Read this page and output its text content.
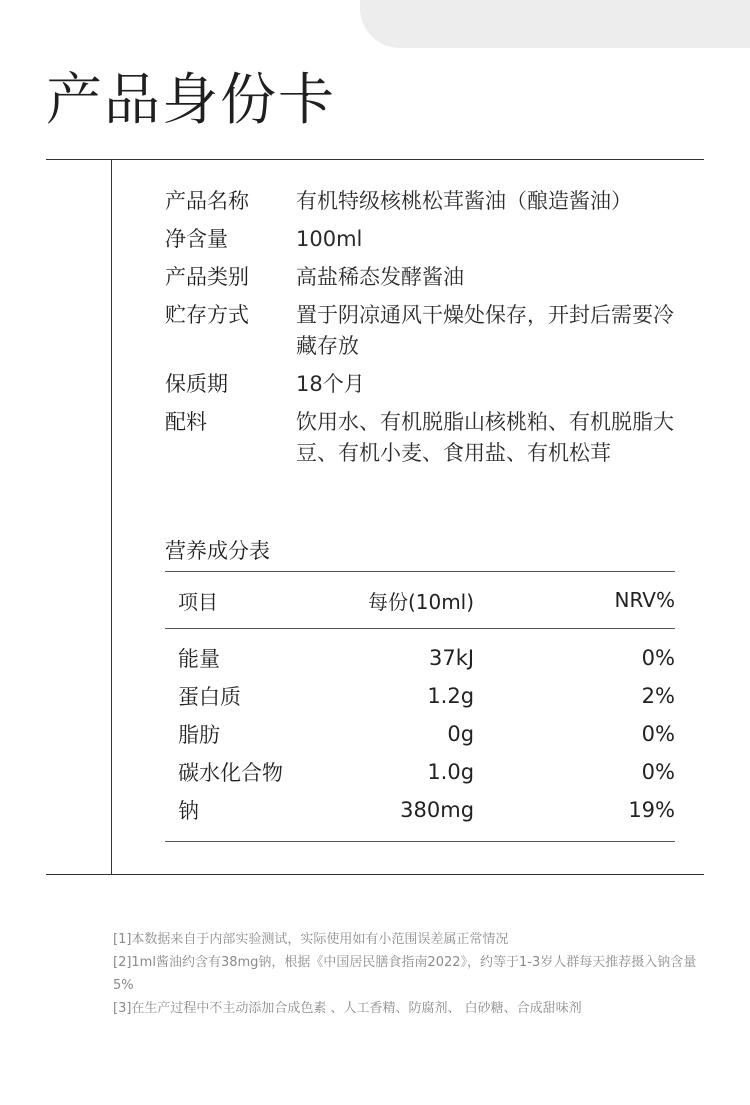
产品身份卡
产品名称	有机特级核桃松茸酱油（酿造酱油）
净含量	100ml
产品类别	高盐稀态发酵酱油
贮存方式	置于阴凉通风干燥处保存，开封后需要冷藏存放
保质期	18个月
配料	饮用水、有机脱脂山核桃粕、有机脱脂大豆、有机小麦、食用盐、有机松茸
营养成分表
项目	每份(10ml)	NRV%
能量	37kJ	0%
蛋白质	1.2g	2%
脂肪	0g	0%
碳水化合物	1.0g	0%
钠	380mg	19%

[1]本数据来自于内部实验测试，实际使用如有小范围误差属正常情况

[2]1ml酱油约含有38mg钠，根据《中国居民膳食指南2022》，约等于1-3岁人群每天推荐摄入钠含量5%

[3]在生产过程中不主动添加合成色素 、人工香精、防腐剂、 白砂糖、合成甜味剂
